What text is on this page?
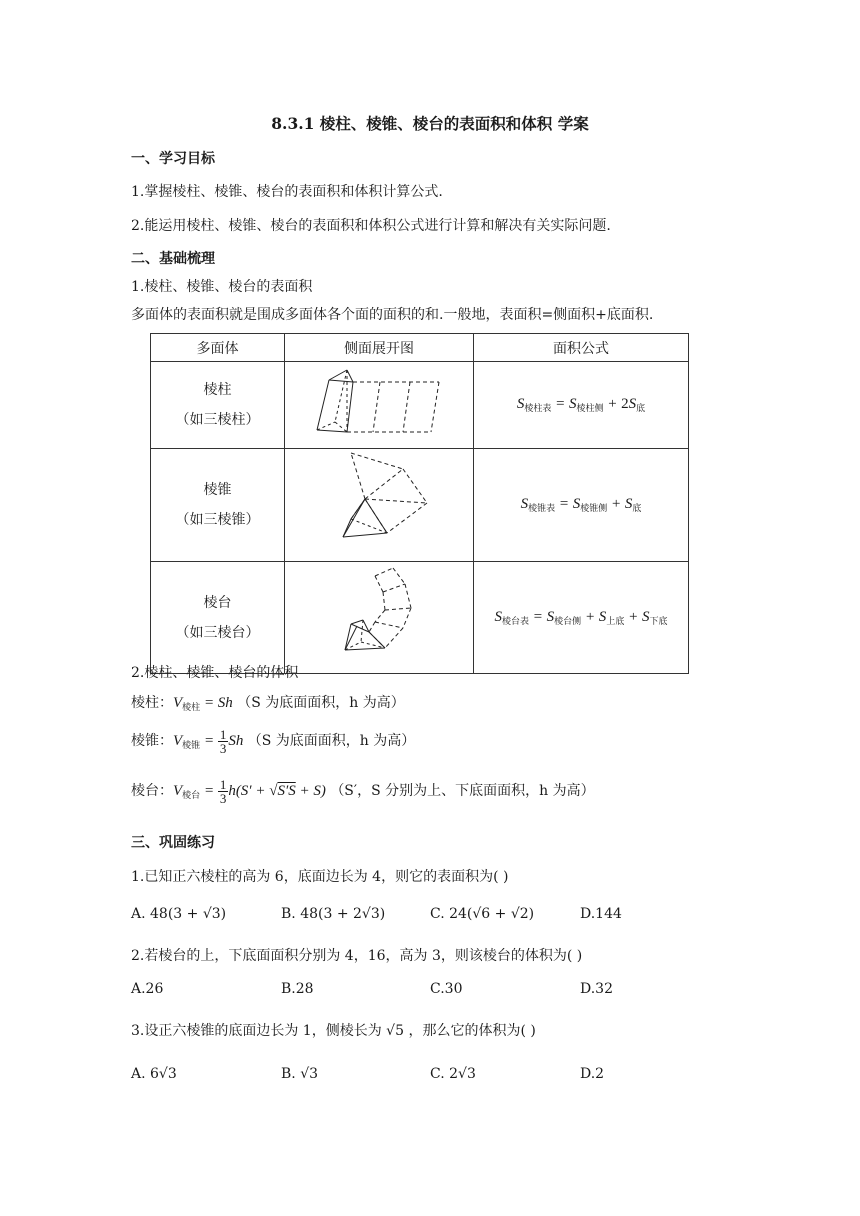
8.3.1 棱柱、棱锥、棱台的表面积和体积 学案
一、学习目标
1.掌握棱柱、棱锥、棱台的表面积和体积计算公式.
2.能运用棱柱、棱锥、棱台的表面积和体积公式进行计算和解决有关实际问题.
二、基础梳理
1.棱柱、棱锥、棱台的表面积
多面体的表面积就是围成多面体各个面的面积的和.一般地，表面积=侧面积+底面积.
多面体	侧面展开图	面积公式

棱柱
（如三棱柱）		$S_{棱柱表} = S_{棱柱侧} + 2S_底$

棱锥
（如三棱锥）		$S_{棱锥表} = S_{棱锥侧} + S_底$

棱台
（如三棱台）		$S_{棱台表} = S_{棱台侧} + S_{上底} + S_{下底}$
2.棱柱、棱锥、棱台的体积
棱柱：$V_{棱柱} = Sh$ （S 为底面面积，h 为高）
棱锥：$V_{棱锥} = \frac{1}{3}$ Sh （S 为底面面积，h 为高）
棱台：$V_{棱台} = \frac{1}{3} h(S' + √S'S + S)$ （S′，S 分别为上、下底面面积，h 为高）
三、巩固练习
1.已知正六棱柱的高为 6，底面边长为 4，则它的表面积为( )
A. 48(3 + √3)	B. 48(3 + 2√3)	C. 24(√6 + √2)	D.144
2.若棱台的上，下底面面积分别为 4，16，高为 3，则该棱台的体积为( )
A.26	B.28	C.30	D.32
3.设正六棱锥的底面边长为 1，侧棱长为 √5 ，那么它的体积为( )
A. 6√3	B. √3	C. 2√3	D.2
